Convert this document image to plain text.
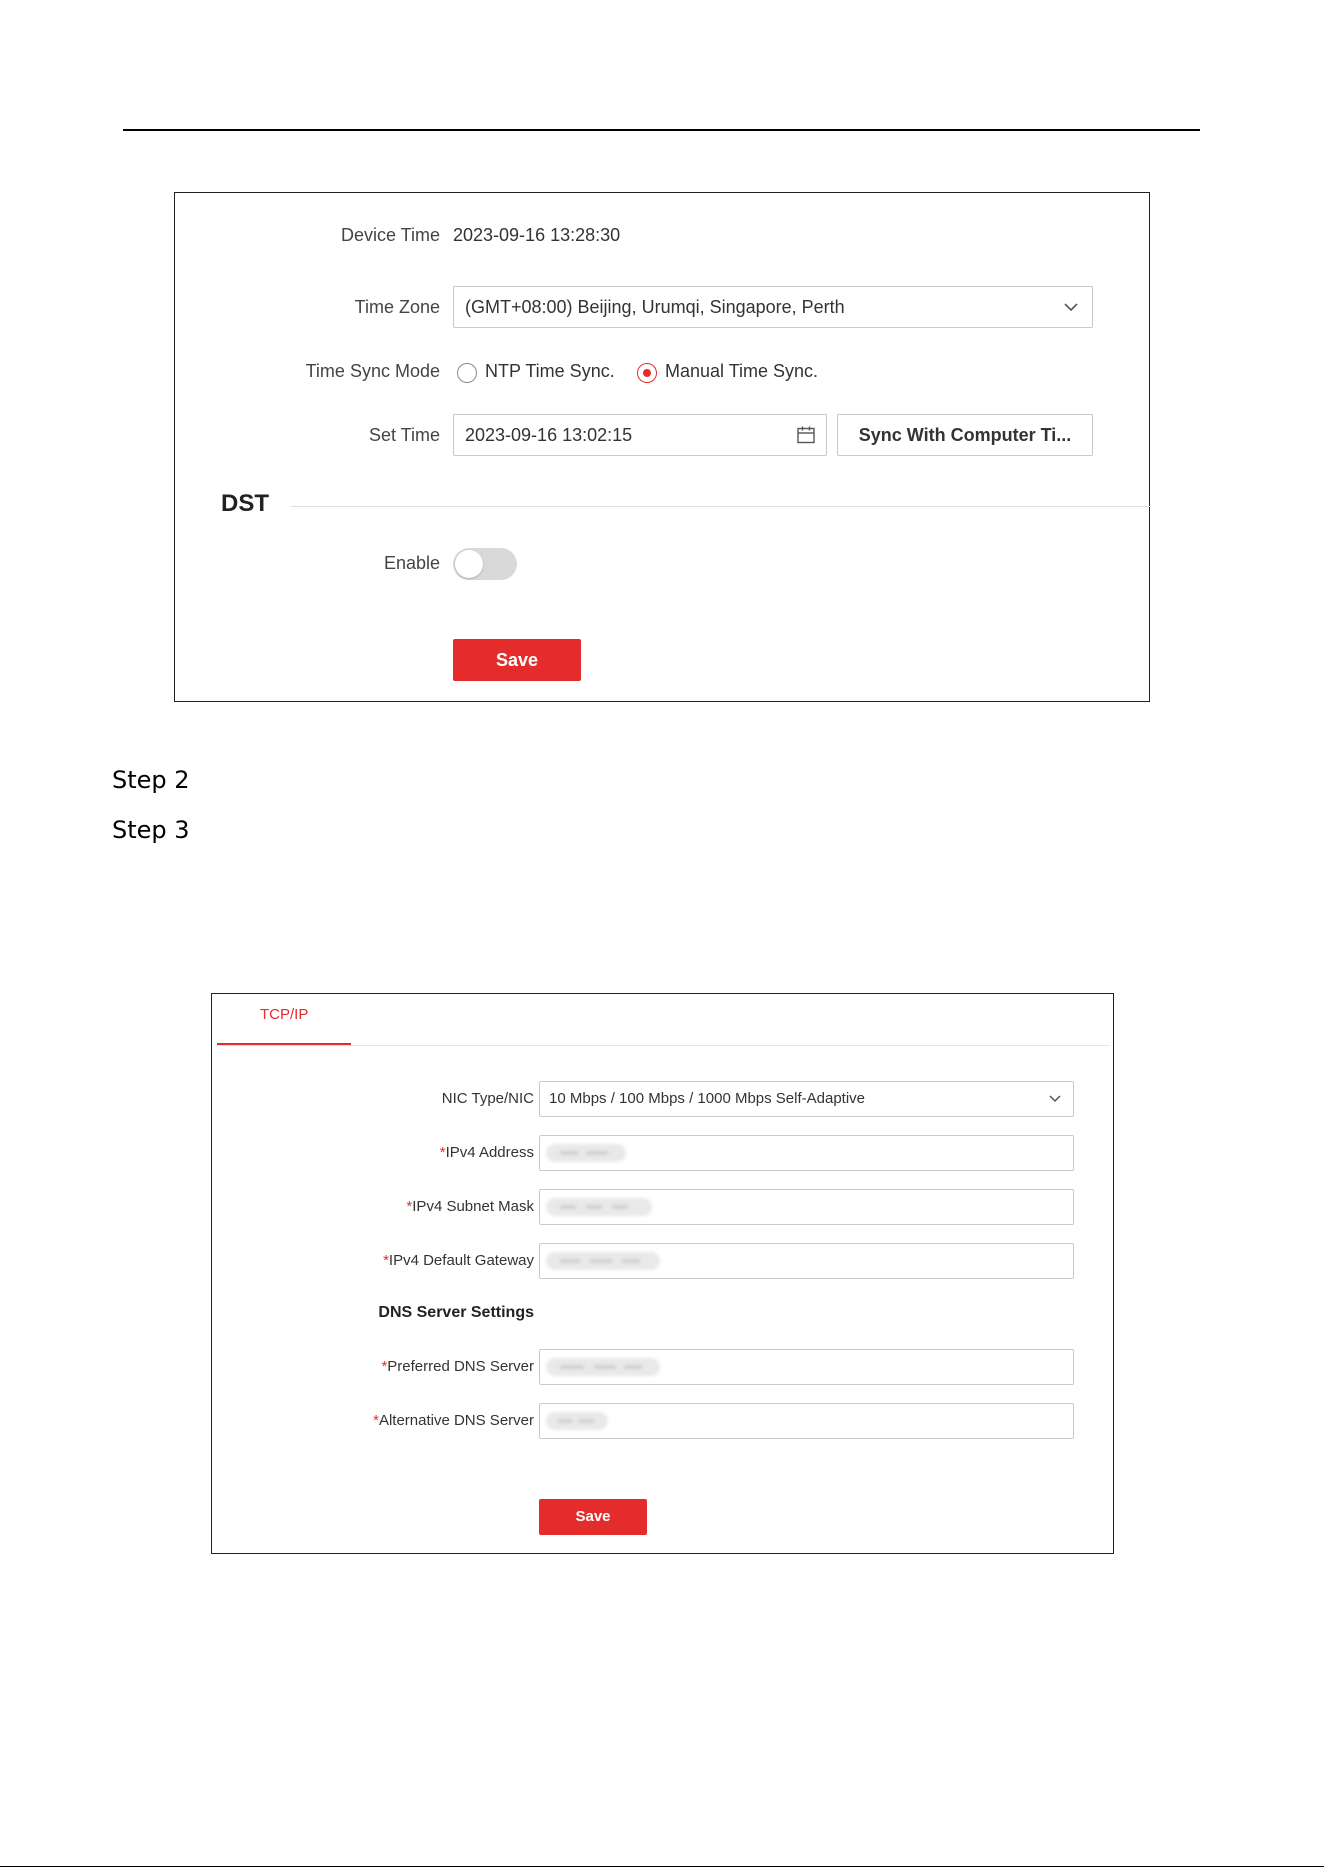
Device Time 2023-09-16 13:28:30
Time Zone	(GMT+08:00) Beijing, Urumqi, Singapore, Perth
Time Sync Mode	NTP Time Sync.	Manual Time Sync.
Set Time	2023-09-16 13:02:15	Sync With Computer Ti...
DST
Enable
Save
Step 2
Step 3
TCP/IP
NIC Type/NIC	10 Mbps / 100 Mbps / 1000 Mbps Self-Adaptive
*IPv4 Address
*IPv4 Subnet Mask
*IPv4 Default Gateway
DNS Server Settings
*Preferred DNS Server
*Alternative DNS Server
Save
